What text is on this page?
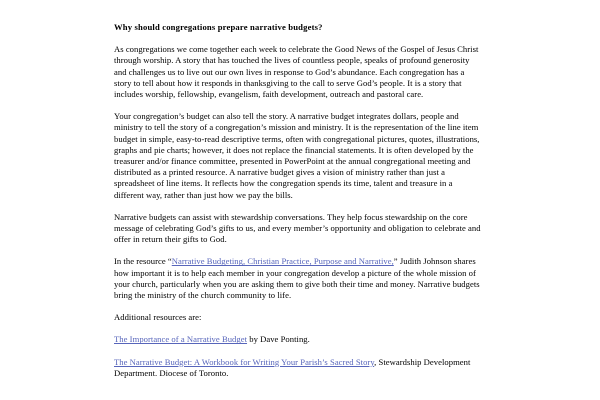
Why should congregations prepare narrative budgets?

As congregations we come together each week to celebrate the Good News of the Gospel of Jesus Christ through worship. A story that has touched the lives of countless people, speaks of profound generosity and challenges us to live out our own lives in response to God’s abundance. Each congregation has a story to tell about how it responds in thanksgiving to the call to serve God’s people. It is a story that includes worship, fellowship, evangelism, faith development, outreach and pastoral care.

Your congregation’s budget can also tell the story. A narrative budget integrates dollars, people and ministry to tell the story of a congregation’s mission and ministry. It is the representation of the line item budget in simple, easy-to-read descriptive terms, often with congregational pictures, quotes, illustrations, graphs and pie charts; however, it does not replace the financial statements. It is often developed by the treasurer and/or finance committee, presented in PowerPoint at the annual congregational meeting and distributed as a printed resource. A narrative budget gives a vision of ministry rather than just a spreadsheet of line items. It reflects how the congregation spends its time, talent and treasure in a different way, rather than just how we pay the bills.

Narrative budgets can assist with stewardship conversations. They help focus stewardship on the core message of celebrating God’s gifts to us, and every member’s opportunity and obligation to celebrate and offer in return their gifts to God.

In the resource “Narrative Budgeting, Christian Practice, Purpose and Narrative,” Judith Johnson shares how important it is to help each member in your congregation develop a picture of the whole mission of your church, particularly when you are asking them to give both their time and money. Narrative budgets bring the ministry of the church community to life.

Additional resources are:

The Importance of a Narrative Budget by Dave Ponting.

The Narrative Budget: A Workbook for Writing Your Parish’s Sacred Story, Stewardship Development Department. Diocese of Toronto.
